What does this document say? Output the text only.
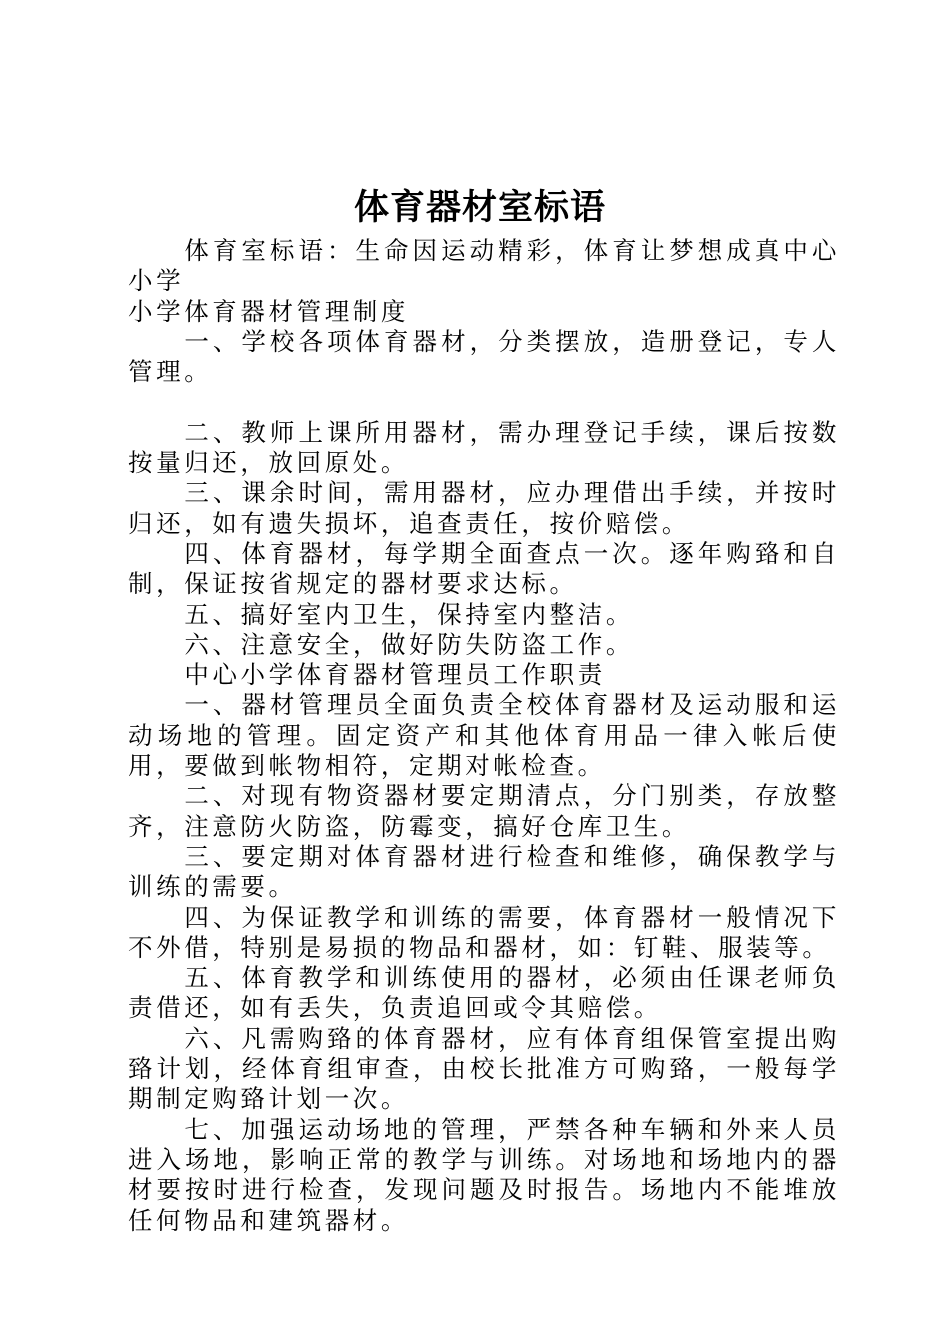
体育器材室标语

体育室标语：生命因运动精彩，体育让梦想成真中心小学

小学体育器材管理制度

一、学校各项体育器材，分类摆放，造册登记，专人管理。

二、教师上课所用器材，需办理登记手续，课后按数按量归还，放回原处。

三、课余时间，需用器材，应办理借出手续，并按时归还，如有遗失损坏，追查责任，按价赔偿。

四、体育器材，每学期全面查点一次。逐年购臵和自制，保证按省规定的器材要求达标。

五、搞好室内卫生，保持室内整洁。

六、注意安全，做好防失防盗工作。

中心小学体育器材管理员工作职责

一、器材管理员全面负责全校体育器材及运动服和运动场地的管理。固定资产和其他体育用品一律入帐后使用，要做到帐物相符，定期对帐检查。

二、对现有物资器材要定期清点，分门别类，存放整齐，注意防火防盗，防霉变，搞好仓库卫生。

三、要定期对体育器材进行检查和维修，确保教学与训练的需要。

四、为保证教学和训练的需要，体育器材一般情况下不外借，特别是易损的物品和器材，如：钉鞋、服装等。

五、体育教学和训练使用的器材，必须由任课老师负责借还，如有丢失，负责追回或令其赔偿。

六、凡需购臵的体育器材，应有体育组保管室提出购臵计划，经体育组审查，由校长批准方可购臵，一般每学期制定购臵计划一次。

七、加强运动场地的管理，严禁各种车辆和外来人员进入场地，影响正常的教学与训练。对场地和场地内的器材要按时进行检查，发现问题及时报告。场地内不能堆放任何物品和建筑器材。
